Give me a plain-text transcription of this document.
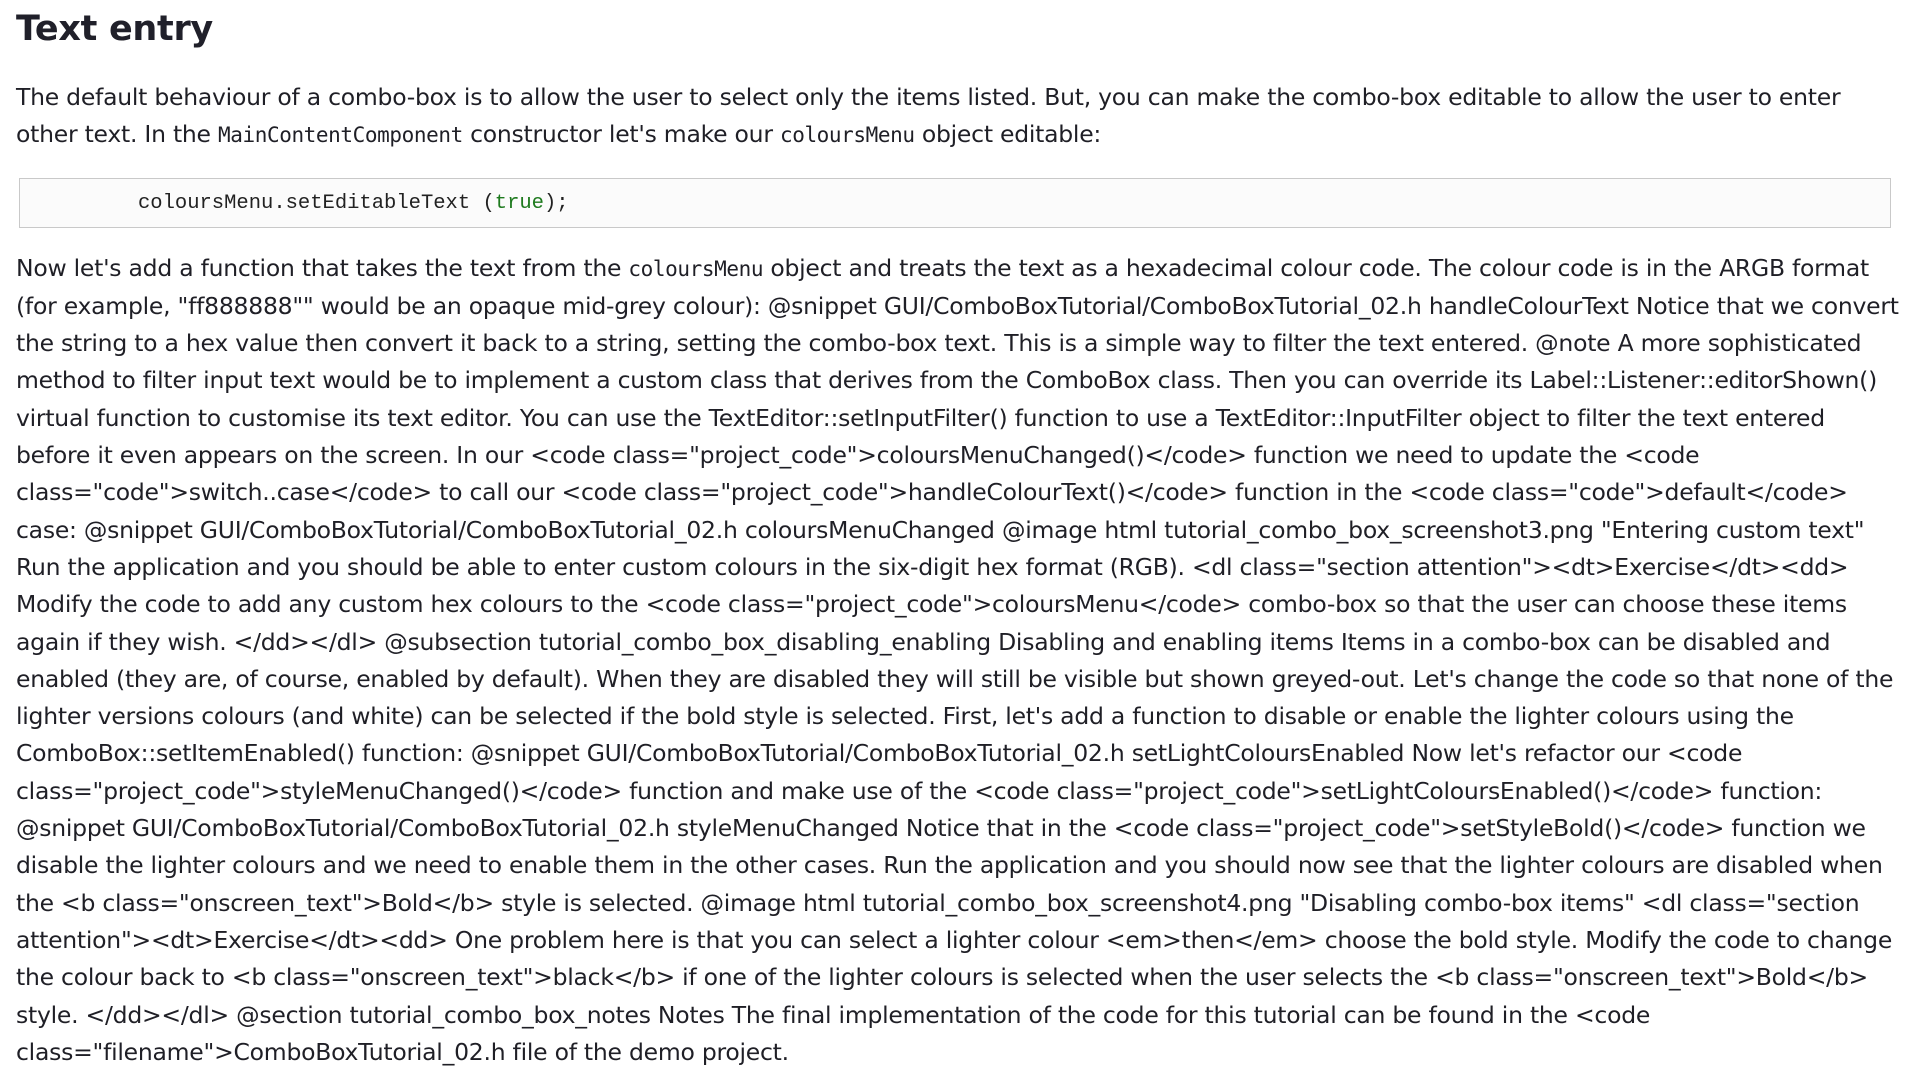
Text entry

The default behaviour of a combo-box is to allow the user to select only the items listed. But, you can make the combo-box editable to allow the user to enter other text. In the MainContentComponent constructor let's make our coloursMenu object editable:

coloursMenu.setEditableText (true);

Now let's add a function that takes the text from the coloursMenu object and treats the text as a hexadecimal colour code. The colour code is in the ARGB format (for example, "ff888888"" would be an opaque mid-grey colour): @snippet GUI/ComboBoxTutorial/ComboBoxTutorial_02.h handleColourText Notice that we convert the string to a hex value then convert it back to a string, setting the combo-box text. This is a simple way to filter the text entered. @note A more sophisticated method to filter input text would be to implement a custom class that derives from the ComboBox class. Then you can override its Label::Listener::editorShown() virtual function to customise its text editor. You can use the TextEditor::setInputFilter() function to use a TextEditor::InputFilter object to filter the text entered before it even appears on the screen. In our <code class="project_code">coloursMenuChanged()</code> function we need to update the <code class="code">switch..case</code> to call our <code class="project_code">handleColourText()</code> function in the <code class="code">default</code> case: @snippet GUI/ComboBoxTutorial/ComboBoxTutorial_02.h coloursMenuChanged @image html tutorial_combo_box_screenshot3.png "Entering custom text" Run the application and you should be able to enter custom colours in the six-digit hex format (RGB). <dl class="section attention"><dt>Exercise</dt><dd> Modify the code to add any custom hex colours to the <code class="project_code">coloursMenu</code> combo-box so that the user can choose these items again if they wish. </dd></dl> @subsection tutorial_combo_box_disabling_enabling Disabling and enabling items Items in a combo-box can be disabled and enabled (they are, of course, enabled by default). When they are disabled they will still be visible but shown greyed-out. Let's change the code so that none of the lighter versions colours (and white) can be selected if the bold style is selected. First, let's add a function to disable or enable the lighter colours using the ComboBox::setItemEnabled() function: @snippet GUI/ComboBoxTutorial/ComboBoxTutorial_02.h setLightColoursEnabled Now let's refactor our <code class="project_code">styleMenuChanged()</code> function and make use of the <code class="project_code">setLightColoursEnabled()</code> function: @snippet GUI/ComboBoxTutorial/ComboBoxTutorial_02.h styleMenuChanged Notice that in the <code class="project_code">setStyleBold()</code> function we disable the lighter colours and we need to enable them in the other cases. Run the application and you should now see that the lighter colours are disabled when the <b class="onscreen_text">Bold</b> style is selected. @image html tutorial_combo_box_screenshot4.png "Disabling combo-box items" <dl class="section attention"><dt>Exercise</dt><dd> One problem here is that you can select a lighter colour <em>then</em> choose the bold style. Modify the code to change the colour back to <b class="onscreen_text">black</b> if one of the lighter colours is selected when the user selects the <b class="onscreen_text">Bold</b> style. </dd></dl> @section tutorial_combo_box_notes Notes The final implementation of the code for this tutorial can be found in the <code class="filename">ComboBoxTutorial_02.h file of the demo project.
